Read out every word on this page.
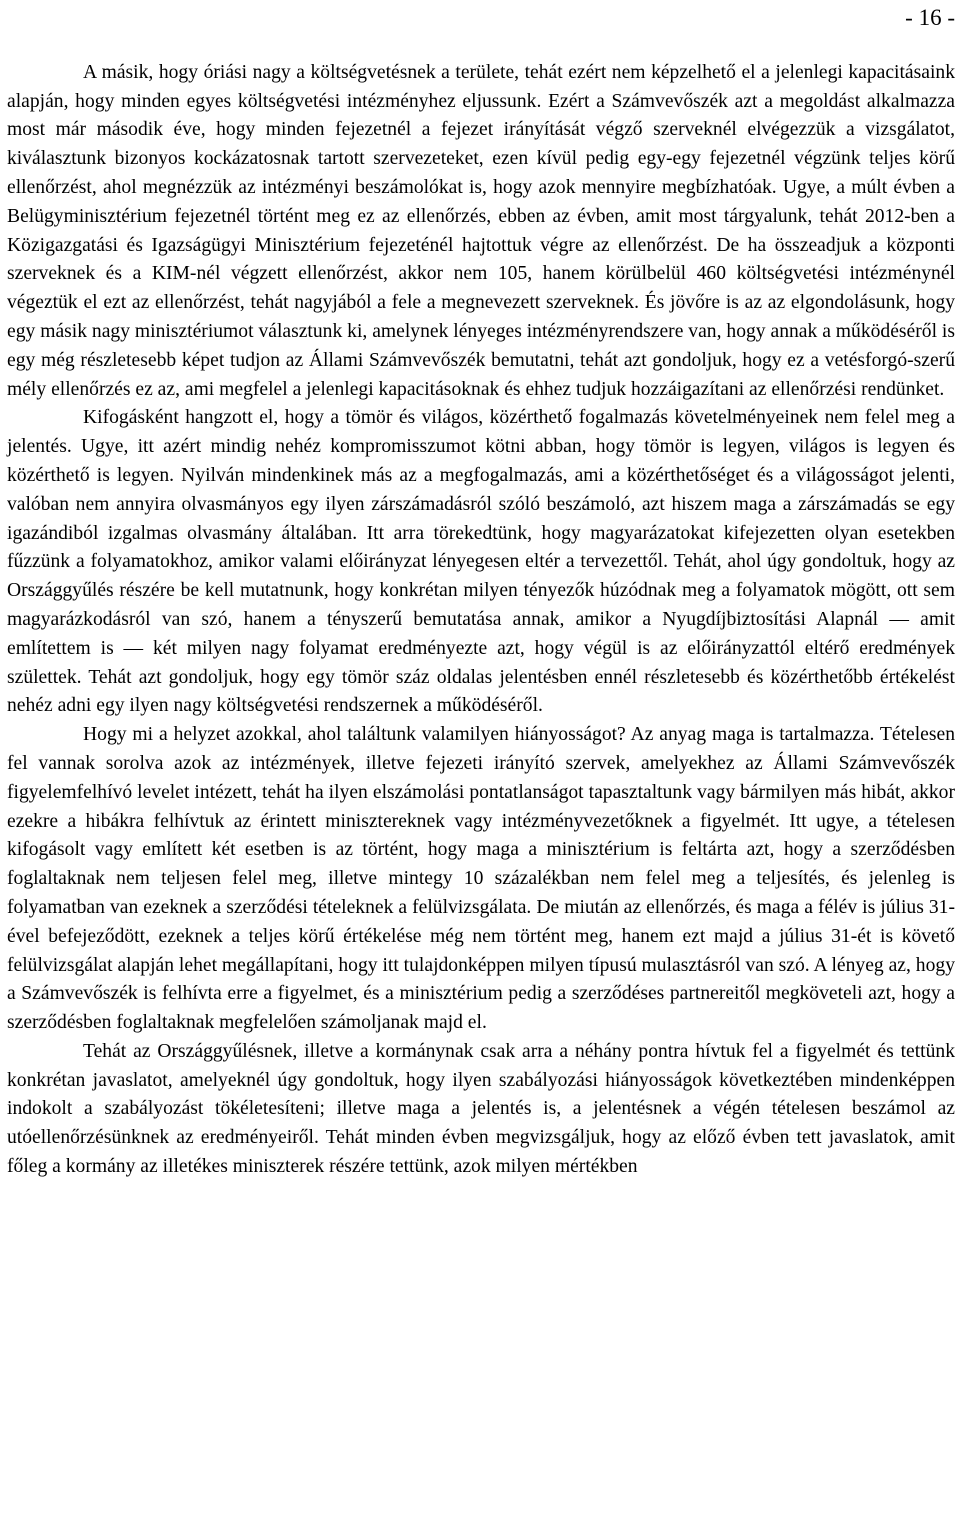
- 16 -

A másik, hogy óriási nagy a költségvetésnek a területe, tehát ezért nem képzelhető el a jelenlegi kapacitásaink alapján, hogy minden egyes költségvetési intézményhez eljussunk. Ezért a Számvevőszék azt a megoldást alkalmazza most már második éve, hogy minden fejezetnél a fejezet irányítását végző szerveknél elvégezzük a vizsgálatot, kiválasztunk bizonyos kockázatosnak tartott szervezeteket, ezen kívül pedig egy-egy fejezetnél végzünk teljes körű ellenőrzést, ahol megnézzük az intézményi beszámolókat is, hogy azok mennyire megbízhatóak. Ugye, a múlt évben a Belügyminisztérium fejezetnél történt meg ez az ellenőrzés, ebben az évben, amit most tárgyalunk, tehát 2012-ben a Közigazgatási és Igazságügyi Minisztérium fejezeténél hajtottuk végre az ellenőrzést. De ha összeadjuk a központi szerveknek és a KIM-nél végzett ellenőrzést, akkor nem 105, hanem körülbelül 460 költségvetési intézménynél végeztük el ezt az ellenőrzést, tehát nagyjából a fele a megnevezett szerveknek. És jövőre is az az elgondolásunk, hogy egy másik nagy minisztériumot választunk ki, amelynek lényeges intézményrendszere van, hogy annak a működéséről is egy még részletesebb képet tudjon az Állami Számvevőszék bemutatni, tehát azt gondoljuk, hogy ez a vetésforgó-szerű mély ellenőrzés ez az, ami megfelel a jelenlegi kapacitásoknak és ehhez tudjuk hozzáigazítani az ellenőrzési rendünket.

Kifogásként hangzott el, hogy a tömör és világos, közérthető fogalmazás követelményeinek nem felel meg a jelentés. Ugye, itt azért mindig nehéz kompromisszumot kötni abban, hogy tömör is legyen, világos is legyen és közérthető is legyen. Nyilván mindenkinek más az a megfogalmazás, ami a közérthetőséget és a világosságot jelenti, valóban nem annyira olvasmányos egy ilyen zárszámadásról szóló beszámoló, azt hiszem maga a zárszámadás se egy igazándiból izgalmas olvasmány általában. Itt arra törekedtünk, hogy magyarázatokat kifejezetten olyan esetekben fűzzünk a folyamatokhoz, amikor valami előirányzat lényegesen eltér a tervezettől. Tehát, ahol úgy gondoltuk, hogy az Országgyűlés részére be kell mutatnunk, hogy konkrétan milyen tényezők húzódnak meg a folyamatok mögött, ott sem magyarázkodásról van szó, hanem a tényszerű bemutatása annak, amikor a Nyugdíjbiztosítási Alapnál — amit említettem is — két milyen nagy folyamat eredményezte azt, hogy végül is az előirányzattól eltérő eredmények születtek. Tehát azt gondoljuk, hogy egy tömör száz oldalas jelentésben ennél részletesebb és közérthetőbb értékelést nehéz adni egy ilyen nagy költségvetési rendszernek a működéséről.

Hogy mi a helyzet azokkal, ahol találtunk valamilyen hiányosságot? Az anyag maga is tartalmazza. Tételesen fel vannak sorolva azok az intézmények, illetve fejezeti irányító szervek, amelyekhez az Állami Számvevőszék figyelemfelhívó levelet intézett, tehát ha ilyen elszámolási pontatlanságot tapasztaltunk vagy bármilyen más hibát, akkor ezekre a hibákra felhívtuk az érintett minisztereknek vagy intézményvezetőknek a figyelmét. Itt ugye, a tételesen kifogásolt vagy említett két esetben is az történt, hogy maga a minisztérium is feltárta azt, hogy a szerződésben foglaltaknak nem teljesen felel meg, illetve mintegy 10 százalékban nem felel meg a teljesítés, és jelenleg is folyamatban van ezeknek a szerződési tételeknek a felülvizsgálata. De miután az ellenőrzés, és maga a félév is július 31-ével befejeződött, ezeknek a teljes körű értékelése még nem történt meg, hanem ezt majd a július 31-ét is követő felülvizsgálat alapján lehet megállapítani, hogy itt tulajdonképpen milyen típusú mulasztásról van szó. A lényeg az, hogy a Számvevőszék is felhívta erre a figyelmet, és a minisztérium pedig a szerződéses partnereitől megköveteli azt, hogy a szerződésben foglaltaknak megfelelően számoljanak majd el.

Tehát az Országgyűlésnek, illetve a kormánynak csak arra a néhány pontra hívtuk fel a figyelmét és tettünk konkrétan javaslatot, amelyeknél úgy gondoltuk, hogy ilyen szabályozási hiányosságok következtében mindenképpen indokolt a szabályozást tökéletesíteni; illetve maga a jelentés is, a jelentésnek a végén tételesen beszámol az utóellenőrzésünknek az eredményeiről. Tehát minden évben megvizsgáljuk, hogy az előző évben tett javaslatok, amit főleg a kormány az illetékes miniszterek részére tettünk, azok milyen mértékben
